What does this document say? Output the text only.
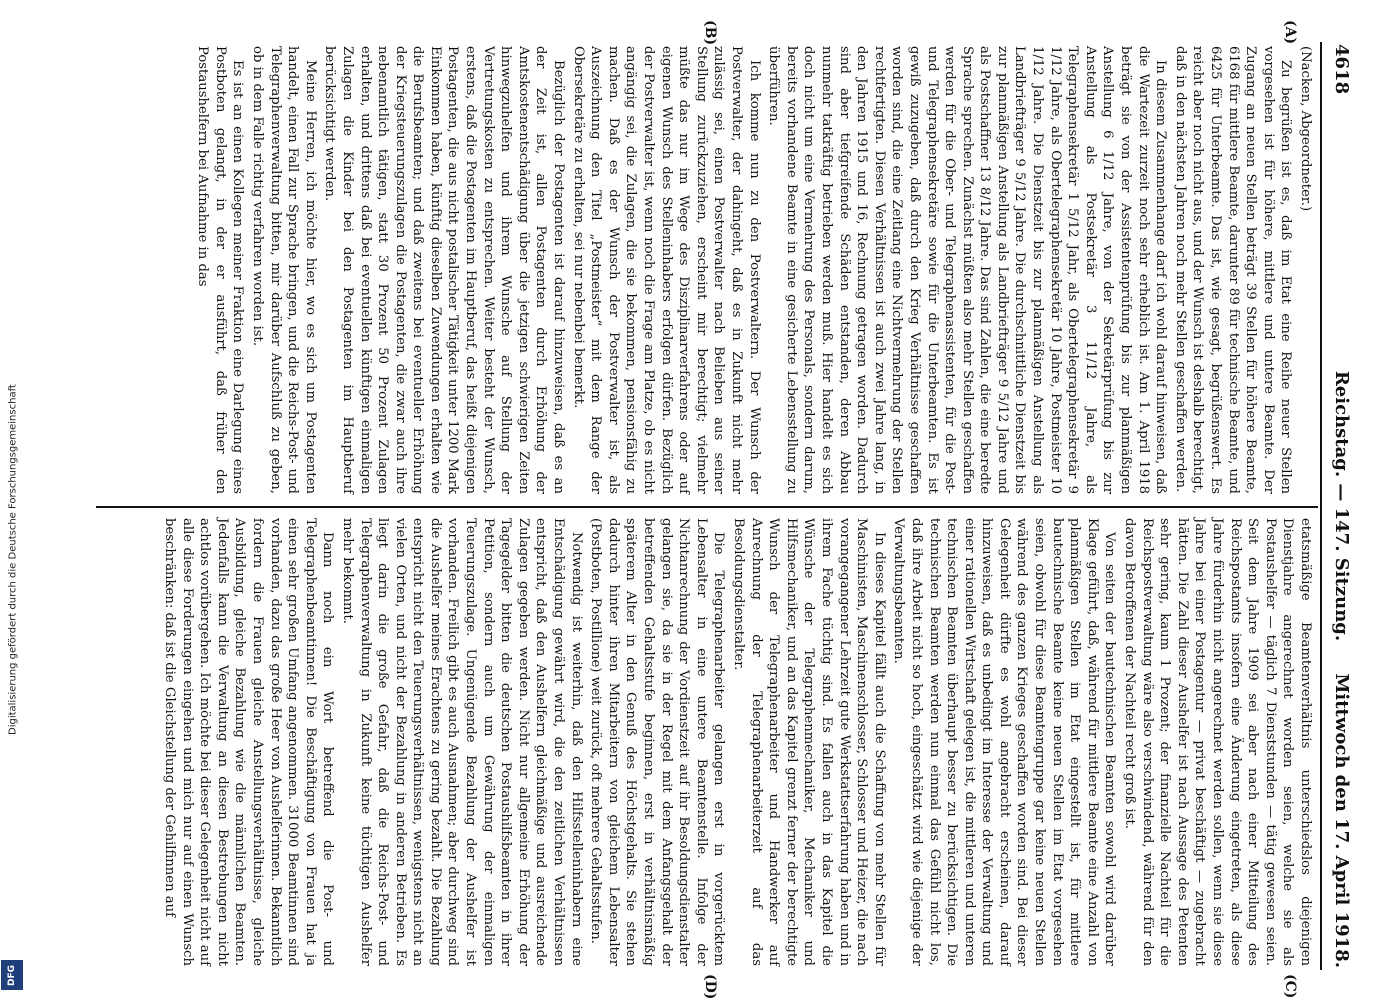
Digitalisierung gefördert durch die Deutsche Forschungsgemeinschaft
DFG
4618
Reichstag. — 147. Sitzung.
Mittwoch den 17. April 1918.
(A)
(B)
(C)
(D)

(Nacken, Abgeordneter.)

Zu begrüßen ist es, daß im Etat eine Reihe neuer Stellen vorgesehen ist für höhere, mittlere und untere Beamte. Der Zugang an neuen Stellen beträgt 39 Stellen für höhere Beamte, 6168 für mittlere Beamte, darunter 89 für technische Beamte, und 6425 für Unterbeamte. Das ist, wie gesagt, begrüßenswert. Es reicht aber noch nicht aus, und der Wunsch ist deshalb berechtigt, daß in den nächsten Jahren noch mehr Stellen geschaffen werden.

In diesem Zusammenhange darf ich wohl darauf hinweisen, daß die Wartezeit zurzeit noch sehr erheblich ist. Am 1. April 1918 beträgt sie von der Assistentenprüfung bis zur planmäßigen Anstellung 6 1/12 Jahre, von der Sekretärprüfung bis zur Anstellung als Postsekretär 3 11/12 Jahre, als Telegraphensekretär 1 5/12 Jahr, als Obertelegraphensekretär 9 1/12 Jahre, als Obertelegraphensekretär 10 Jahre, Postmeister 10 1/12 Jahre. Die Dienstzeit bis zur planmäßigen Anstellung als Landbriefträger 9 5/12 Jahre. Die durchschnittliche Dienstzeit bis zur planmäßigen Anstellung als Landbriefträger 9 5/12 Jahre und als Postschaffner 13 8/12 Jahre. Das sind Zahlen, die eine beredte Sprache sprechen. Zunächst müßten also mehr Stellen geschaffen werden für die Ober- und Telegraphenassistenten, für die Post- und Telegraphensekretäre sowie für die Unterbeamten. Es ist gewiß zuzugeben, daß durch den Krieg Verhältnisse geschaffen worden sind, die eine Zeitlang eine Nichtvermehrung der Stellen rechtfertigten. Diesen Verhältnissen ist auch zwei Jahre lang, in den Jahren 1915 und 16, Rechnung getragen worden. Dadurch sind aber tiefgreifende Schäden entstanden, deren Abbau nunmehr tatkräftig betrieben werden muß. Hier handelt es sich doch nicht um eine Vermehrung des Personals, sondern darum, bereits vorhandene Beamte in eine gesicherte Lebensstellung zu überführen.

Ich komme nun zu den Postverwaltern. Der Wunsch der Postverwalter, der dahingeht, daß es in Zukunft nicht mehr zulässig sei, einen Postverwalter nach Belieben aus seiner Stellung zurückzuziehen, erscheint mir berechtigt; vielmehr müßte das nur im Wege des Disziplinarverfahrens oder auf eigenen Wunsch des Stelleninhabers erfolgen dürfen. Bezüglich der Postverwalter ist, wenn noch die Frage am Platze, ob es nicht angängig sei, die Zulagen, die sie bekommen, pensionsfähig zu machen. Daß es der Wunsch der Postverwalter ist, als Auszeichnung den Titel „Postmeister“ mit dem Range der Obersekretäre zu erhalten, sei nur nebenbei bemerkt.

Bezüglich der Postagenten ist darauf hinzuweisen, daß es an der Zeit ist, allen Postagenten durch Erhöhung der Amtskostenentschädigung über die jetzigen schwierigen Zeiten hinwegzuhelfen und ihrem Wunsche auf Stellung der Vertretungskosten zu entsprechen. Weiter besteht der Wunsch, erstens, daß die Postagenten im Hauptberuf, das heißt diejenigen Postagenten, die aus nicht postalischer Tätigkeit unter 1200 Mark Einkommen haben, künftig dieselben Zuwendungen erhalten wie die Berufsbeamten; und daß zweitens bei eventueller Erhöhung der Kriegsteuerungszulagen die Postagenten, die zwar auch ihre nebenamtlich tätigen, statt 30 Prozent 50 Prozent Zulagen erhalten, und drittens daß bei eventuellen künftigen einmaligen Zulagen die Kinder bei den Postagenten im Hauptberuf berücksichtigt werden.

Meine Herren, ich möchte hier, wo es sich um Postagenten handelt, einen Fall zur Sprache bringen, und die Reichs-Post- und Telegraphenverwaltung bitten, mir darüber Aufschluß zu geben, ob in dem Falle richtig verfahren worden ist.

Es ist an einen Kollegen meiner Fraktion eine Darlegung eines Postboten gelangt, in der er ausführt, daß früher den Postaushelfern bei Aufnahme in das

etatsmäßige Beamtenverhältnis unterschiedslos diejenigen Dienstjahre angerechnet worden seien, welche sie als Postaushelfer — täglich 7 Dienststunden — tätig gewesen seien. Seit dem Jahre 1909 sei aber nach einer Mitteilung des Reichspostamts insofern eine Änderung eingetreten, als diese Jahre fürderhin nicht angerechnet werden sollen, wenn sie diese Jahre bei einer Postagentur — privat beschäftigt — zugebracht hätten. Die Zahl dieser Aushelfer ist nach Aussage des Petenten sehr gering, kaum 1 Prozent; der finanzielle Nachteil für die Reichspostverwaltung wäre also verschwindend, während für den davon Betroffenen der Nachteil recht groß ist.

Von seiten der bautechnischen Beamten sowohl wird darüber Klage geführt, daß, während für mittlere Beamte eine Anzahl von planmäßigen Stellen im Etat eingestellt ist, für mittlere bautechnische Beamte keine neuen Stellen im Etat vorgesehen seien, obwohl für diese Beamtengruppe gar keine neuen Stellen während des ganzen Krieges geschaffen worden sind. Bei dieser Gelegenheit dürfte es wohl angebracht erscheinen, darauf hinzuweisen, daß es unbedingt im Interesse der Verwaltung und einer rationellen Wirtschaft gelegen ist, die mittleren und unteren technischen Beamten überhaupt besser zu berücksichtigen. Die technischen Beamten werden nun einmal das Gefühl nicht los, daß ihre Arbeit nicht so hoch, eingeschätzt wird wie diejenige der Verwaltungsbeamten.

In dieses Kapitel fällt auch die Schaffung von mehr Stellen für Maschinisten, Maschinenschlosser, Schlosser und Heizer, die nach vorangegangener Lehrzeit gute Werkstattserfahrung haben und in ihrem Fache tüchtig sind. Es fallen auch in das Kapitel die Wünsche der Telegraphenmechaniker, Mechaniker und Hilfsmechaniker, und an das Kapitel grenzt ferner der berechtigte Wunsch der Telegraphenarbeiter und Handwerker auf Anrechnung der Telegraphenarbeiterzeit auf das Besoldungsdienstalter.

Die Telegraphenarbeiter gelangen erst in vorgerücktem Lebensalter in eine untere Beamtenstelle. Infolge der Nichtanrechnung der Vordienstzeit auf ihr Besoldungsdienstalter gelangen sie, da sie in der Regel mit dem Anfangsgehalt der betreffenden Gehaltsstufe beginnen, erst in verhältnismäßig späterem Alter in den Genuß des Höchstgehalts. Sie stehen dadurch hinter ihren Mitarbeitern von gleichem Lebensalter (Postboten, Postillione) weit zurück, oft mehrere Gehaltsstufen.

Notwendig ist weiterhin, daß den Hilfsstelleninhabern eine Entschädigung gewährt wird, die den zeitlichen Verhältnissen entspricht, daß den Aushelfern gleichmäßige und ausreichende Zulagen gegeben werden. Nicht nur allgemeine Erhöhung der Tagegelder bitten die deutschen Postaushilfsbeamten in ihrer Petition, sondern auch um Gewährung der einmaligen Teuerungszulage. Ungenügende Bezahlung der Aushelfer ist vorhanden. Freilich gibt es auch Ausnahmen; aber durchweg sind die Aushelfer meines Erachtens zu gering bezahlt. Die Bezahlung entspricht nicht den Teuerungsverhältnissen, wenigstens nicht an vielen Orten, und nicht der Bezahlung in anderen Betrieben. Es liegt darin die große Gefahr, daß die Reichs-Post- und Telegraphenverwaltung in Zukunft keine tüchtigen Aushelfer mehr bekommt.

Dann noch ein Wort betreffend die Post- und Telegraphenbeamtinnen! Die Beschäftigung von Frauen hat ja einen sehr großen Umfang angenommen. 31000 Beamtinnen sind vorhanden, dazu das große Heer von Aushelferinnen. Bekanntlich fordern die Frauen gleiche Anstellungsverhältnisse, gleiche Ausbildung, gleiche Bezahlung wie die männlichen Beamten. Jedenfalls kann die Verwaltung an diesen Bestrebungen nicht achtlos vorübergehen. Ich möchte bei dieser Gelegenheit nicht auf alle diese Forderungen eingehen und mich nur auf einen Wunsch beschränken: daß ist die Gleichstellung der Gehilfinnen auf
